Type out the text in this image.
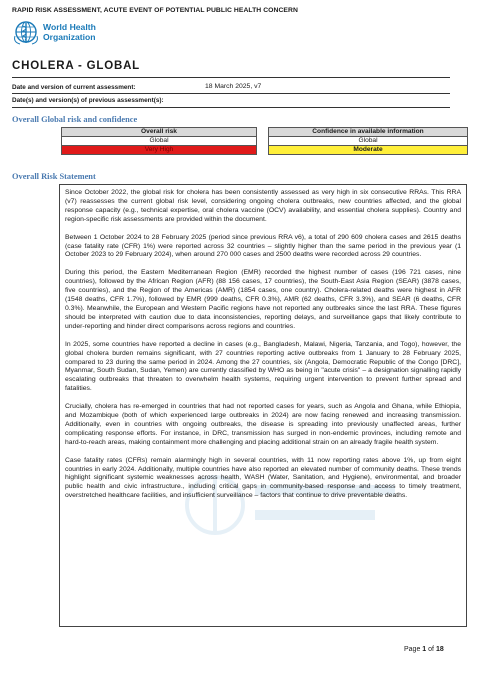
RAPID RISK ASSESSMENT, ACUTE EVENT OF POTENTIAL PUBLIC HEALTH CONCERN
World Health
Organization
CHOLERA - GLOBAL
Date and version of current assessment:	18 March 2025, v7
Date(s) and version(s) of previous assessment(s):
Overall Global risk and confidence
Overall risk
Global
Very High
Confidence in available information
Global
Moderate
Overall Risk Statement

Since October 2022, the global risk for cholera has been consistently assessed as very high in six consecutive RRAs. This RRA (v7) reassesses the current global risk level, considering ongoing cholera outbreaks, new countries affected, and the global response capacity (e.g., technical expertise, oral cholera vaccine (OCV) availability, and essential cholera supplies). Country and region-specific risk assessments are provided within the document.

Between 1 October 2024 to 28 February 2025 (period since previous RRA v6), a total of 290 609 cholera cases and 2615 deaths (case fatality rate (CFR) 1%) were reported across 32 countries – slightly higher than the same period in the previous year (1 October 2023 to 29 February 2024), when around 270 000 cases and 2500 deaths were recorded across 29 countries.

During this period, the Eastern Mediterranean Region (EMR) recorded the highest number of cases (196 721 cases, nine countries), followed by the African Region (AFR) (88 156 cases, 17 countries), the South-East Asia Region (SEAR) (3878 cases, five countries), and the Region of the Americas (AMR) (1854 cases, one country). Cholera-related deaths were highest in AFR (1548 deaths, CFR 1.7%), followed by EMR (999 deaths, CFR 0.3%), AMR (62 deaths, CFR 3.3%), and SEAR (6 deaths, CFR 0.3%). Meanwhile, the European and Western Pacific regions have not reported any outbreaks since the last RRA. These figures should be interpreted with caution due to data inconsistencies, reporting delays, and surveillance gaps that likely contribute to under-reporting and hinder direct comparisons across regions and countries.

In 2025, some countries have reported a decline in cases (e.g., Bangladesh, Malawi, Nigeria, Tanzania, and Togo), however, the global cholera burden remains significant, with 27 countries reporting active outbreaks from 1 January to 28 February 2025, compared to 23 during the same period in 2024. Among the 27 countries, six (Angola, Democratic Republic of the Congo [DRC], Myanmar, South Sudan, Sudan, Yemen) are currently classified by WHO as being in "acute crisis" – a designation signalling rapidly escalating outbreaks that threaten to overwhelm health systems, requiring urgent intervention to prevent further spread and fatalities.

Crucially, cholera has re-emerged in countries that had not reported cases for years, such as Angola and Ghana, while Ethiopia, and Mozambique (both of which experienced large outbreaks in 2024) are now facing renewed and increasing transmission. Additionally, even in countries with ongoing outbreaks, the disease is spreading into previously unaffected areas, further complicating response efforts. For instance, in DRC, transmission has surged in non-endemic provinces, including remote and hard-to-reach areas, making containment more challenging and placing additional strain on an already fragile health system.

Case fatality rates (CFRs) remain alarmingly high in several countries, with 11 now reporting rates above 1%, up from eight countries in early 2024. Additionally, multiple countries have also reported an elevated number of community deaths. These trends highlight significant systemic weaknesses across health, WASH (Water, Sanitation, and Hygiene), environmental, and broader public health and civic infrastructure., including critical gaps in community-based response and access to timely treatment, overstretched healthcare facilities, and insufficient surveillance – factors that continue to drive preventable deaths.

Page 1 of 18
